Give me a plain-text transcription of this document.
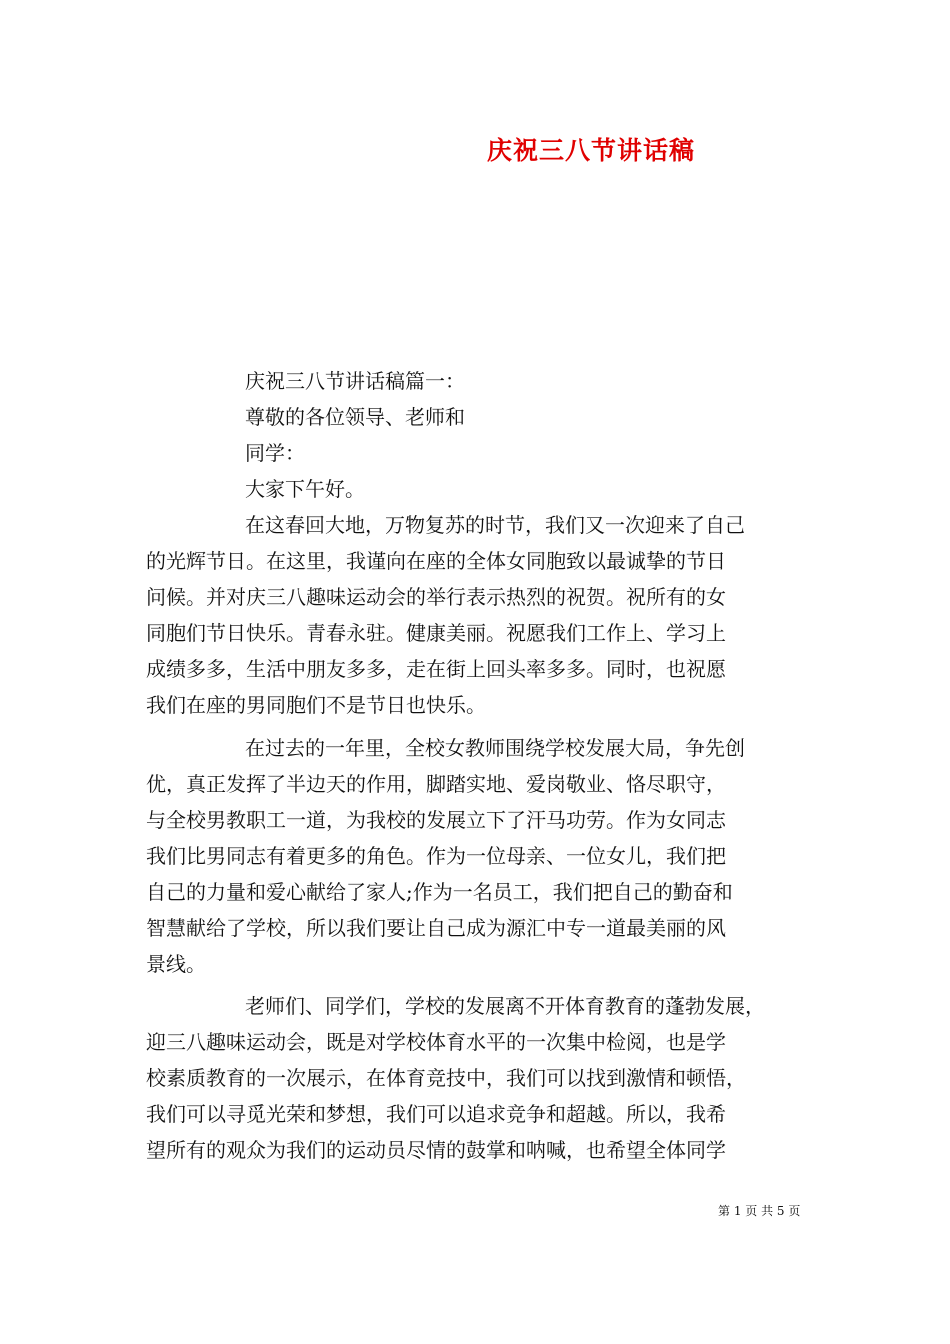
庆祝三八节讲话稿

庆祝三八节讲话稿篇一：

尊敬的各位领导、老师和

同学：

大家下午好。

在这春回大地，万物复苏的时节，我们又一次迎来了自己

的光辉节日。在这里，我谨向在座的全体女同胞致以最诚挚的节日

问候。并对庆三八趣味运动会的举行表示热烈的祝贺。祝所有的女

同胞们节日快乐。青春永驻。健康美丽。祝愿我们工作上、学习上

成绩多多，生活中朋友多多，走在街上回头率多多。同时，也祝愿

我们在座的男同胞们不是节日也快乐。

在过去的一年里，全校女教师围绕学校发展大局，争先创

优，真正发挥了半边天的作用，脚踏实地、爱岗敬业、恪尽职守，

与全校男教职工一道，为我校的发展立下了汗马功劳。作为女同志

我们比男同志有着更多的角色。作为一位母亲、一位女儿，我们把

自己的力量和爱心献给了家人;作为一名员工，我们把自己的勤奋和

智慧献给了学校，所以我们要让自己成为源汇中专一道最美丽的风

景线。

老师们、同学们，学校的发展离不开体育教育的蓬勃发展，

迎三八趣味运动会，既是对学校体育水平的一次集中检阅，也是学

校素质教育的一次展示，在体育竞技中，我们可以找到激情和顿悟，

我们可以寻觅光荣和梦想，我们可以追求竞争和超越。所以，我希

望所有的观众为我们的运动员尽情的鼓掌和呐喊，也希望全体同学

第 1 页 共 5 页
